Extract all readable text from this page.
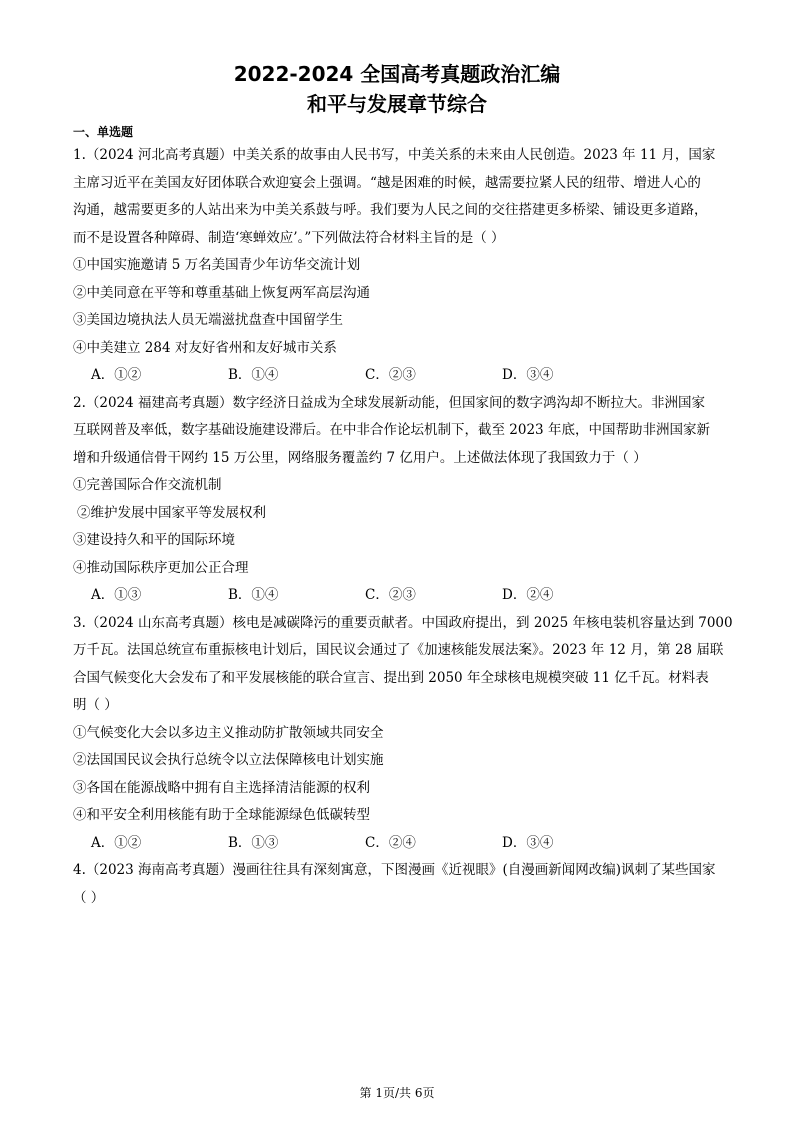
2022-2024 全国高考真题政治汇编
和平与发展章节综合
一、单选题
1.（2024 河北高考真题）中美关系的故事由人民书写，中美关系的未来由人民创造。2023 年 11 月，国家
主席习近平在美国友好团体联合欢迎宴会上强调。“越是困难的时候，越需要拉紧人民的纽带、增进人心的
沟通，越需要更多的人站出来为中美关系鼓与呼。我们要为人民之间的交往搭建更多桥梁、铺设更多道路，
而不是设置各种障碍、制造‘寒蝉效应’。”下列做法符合材料主旨的是（ ）
①中国实施邀请 5 万名美国青少年访华交流计划
②中美同意在平等和尊重基础上恢复两军高层沟通
③美国边境执法人员无端滋扰盘查中国留学生
④中美建立 284 对友好省州和友好城市关系
A．①②	B．①④	C．②③	D．③④
2.（2024 福建高考真题）数字经济日益成为全球发展新动能，但国家间的数字鸿沟却不断拉大。非洲国家
互联网普及率低，数字基础设施建设滞后。在中非合作论坛机制下，截至 2023 年底，中国帮助非洲国家新
增和升级通信骨干网约 15 万公里，网络服务覆盖约 7 亿用户。上述做法体现了我国致力于（ ）
①完善国际合作交流机制
②维护发展中国家平等发展权利
③建设持久和平的国际环境
④推动国际秩序更加公正合理
A．①③	B．①④	C．②③	D．②④
3.（2024 山东高考真题）核电是减碳降污的重要贡献者。中国政府提出，到 2025 年核电装机容量达到 7000
万千瓦。法国总统宣布重振核电计划后，国民议会通过了《加速核能发展法案》。2023 年 12 月，第 28 届联
合国气候变化大会发布了和平发展核能的联合宣言、提出到 2050 年全球核电规模突破 11 亿千瓦。材料表
明（ ）
①气候变化大会以多边主义推动防扩散领域共同安全
②法国国民议会执行总统令以立法保障核电计划实施
③各国在能源战略中拥有自主选择清洁能源的权利
④和平安全利用核能有助于全球能源绿色低碳转型
A．①②	B．①③	C．②④	D．③④
4.（2023 海南高考真题）漫画往往具有深刻寓意，下图漫画《近视眼》(自漫画新闻网改编)讽刺了某些国家
（ ）
第 1页/共 6页
